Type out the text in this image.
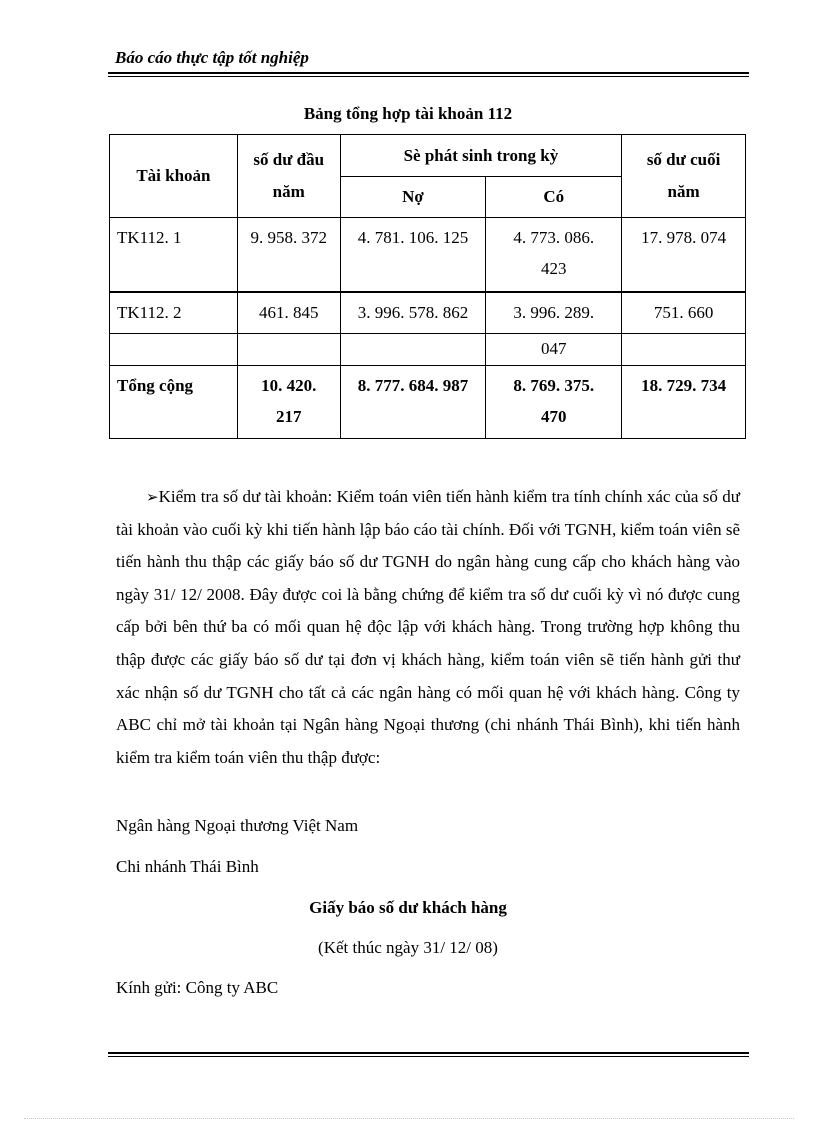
Báo cáo thực tập tốt nghiệp
Bảng tổng hợp tài khoản 112
Tài khoản	số dư đầu năm	Sè phát sinh trong kỳ		số dư cuối năm
		Nợ	Có	
TK112. 1	9. 958. 372	4. 781. 106. 125	4. 773. 086. 423	17. 978. 074
TK112. 2	461. 845	3. 996. 578. 862	3. 996. 289.	751. 660
			047	
Tổng cộng	10. 420. 217	8. 777. 684. 987	8. 769. 375. 470	18. 729. 734
➢Kiểm tra số dư tài khoản: Kiểm toán viên tiến hành kiểm tra tính chính xác của số dư tài khoản vào cuối kỳ khi tiến hành lập báo cáo tài chính. Đối với TGNH, kiểm toán viên sẽ tiến hành thu thập các giấy báo số dư TGNH do ngân hàng cung cấp cho khách hàng vào ngày 31/ 12/ 2008. Đây được coi là bằng chứng để kiểm tra số dư cuối kỳ vì nó được cung cấp bởi bên thứ ba có mối quan hệ độc lập với khách hàng. Trong trường hợp không thu thập được các giấy báo số dư tại đơn vị khách hàng, kiểm toán viên sẽ tiến hành gửi thư xác nhận số dư TGNH cho tất cả các ngân hàng có mối quan hệ với khách hàng. Công ty ABC chỉ mở tài khoản tại Ngân hàng Ngoại thương (chi nhánh Thái Bình), khi tiến hành kiểm tra kiểm toán viên thu thập được:
Ngân hàng Ngoại thương Việt Nam
Chi nhánh Thái Bình
Giấy báo số dư khách hàng
(Kết thúc ngày 31/ 12/ 08)
Kính gửi: Công ty ABC
